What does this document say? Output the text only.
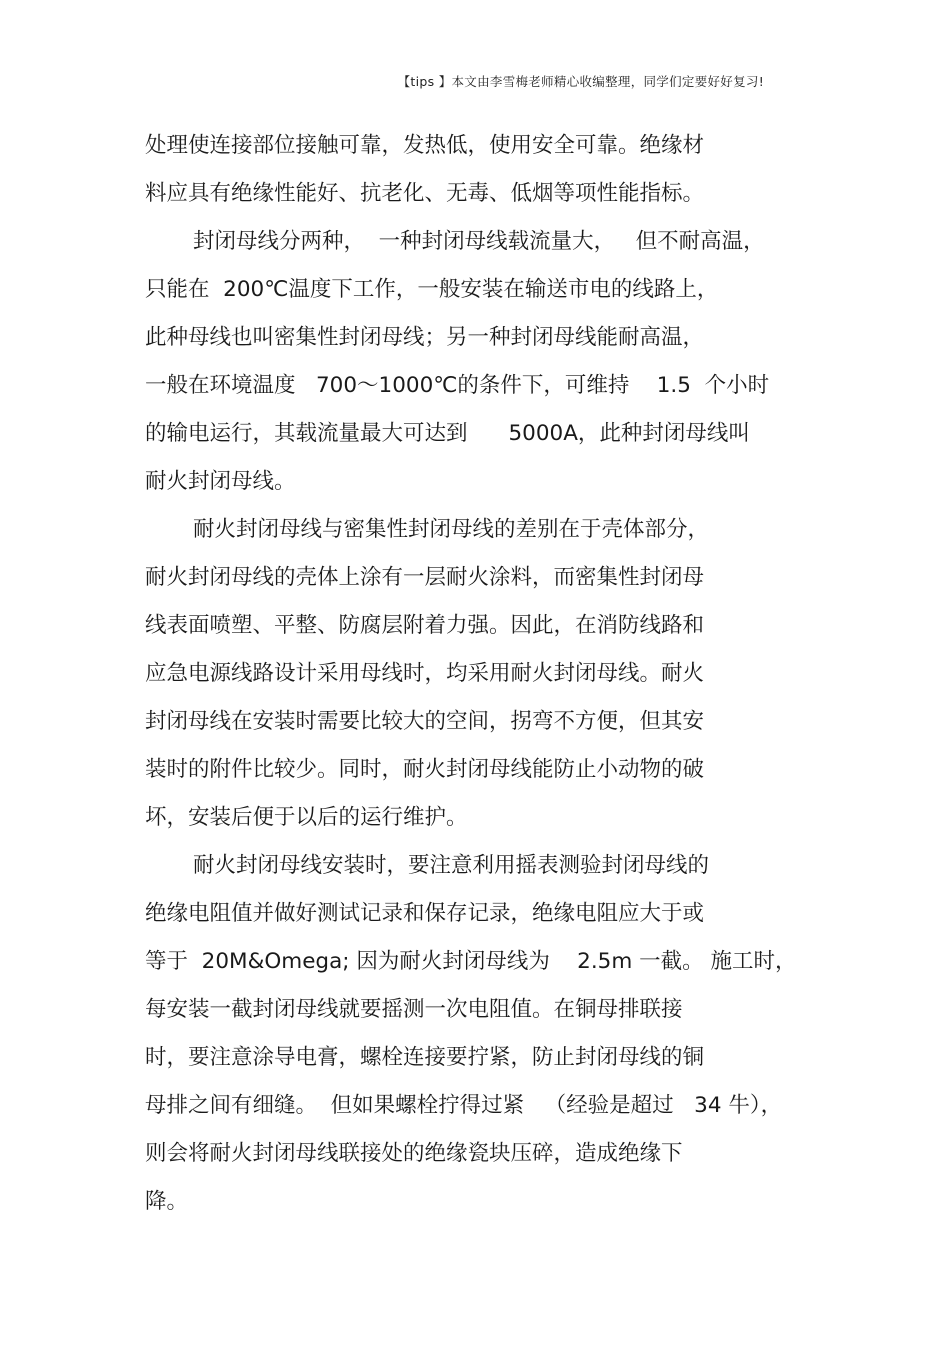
【tips 】本文由李雪梅老师精心收编整理，同学们定要好好复习!
处理使连接部位接触可靠，发热低，使用安全可靠。绝缘材
料应具有绝缘性能好、抗老化、无毒、低烟等项性能指标。
封闭母线分两种，  一种封闭母线载流量大，   但不耐高温，
只能在  200℃温度下工作，一般安装在输送市电的线路上，
此种母线也叫密集性封闭母线；另一种封闭母线能耐高温，
一般在环境温度   700～1000℃的条件下，可维持    1.5  个小时
的输电运行，其载流量最大可达到      5000A，此种封闭母线叫
耐火封闭母线。
耐火封闭母线与密集性封闭母线的差别在于壳体部分，
耐火封闭母线的壳体上涂有一层耐火涂料，而密集性封闭母
线表面喷塑、平整、防腐层附着力强。因此，在消防线路和
应急电源线路设计采用母线时，均采用耐火封闭母线。耐火
封闭母线在安装时需要比较大的空间，拐弯不方便，但其安
装时的附件比较少。同时，耐火封闭母线能防止小动物的破
坏，安装后便于以后的运行维护。
耐火封闭母线安装时，要注意利用摇表测验封闭母线的
绝缘电阻值并做好测试记录和保存记录，绝缘电阻应大于或
等于  20M&Omega; 因为耐火封闭母线为    2.5m 一截。 施工时，
每安装一截封闭母线就要摇测一次电阻值。在铜母排联接
时，要注意涂导电膏，螺栓连接要拧紧，防止封闭母线的铜
母排之间有细缝。  但如果螺栓拧得过紧   （经验是超过   34 牛），
则会将耐火封闭母线联接处的绝缘瓷块压碎，造成绝缘下
降。
